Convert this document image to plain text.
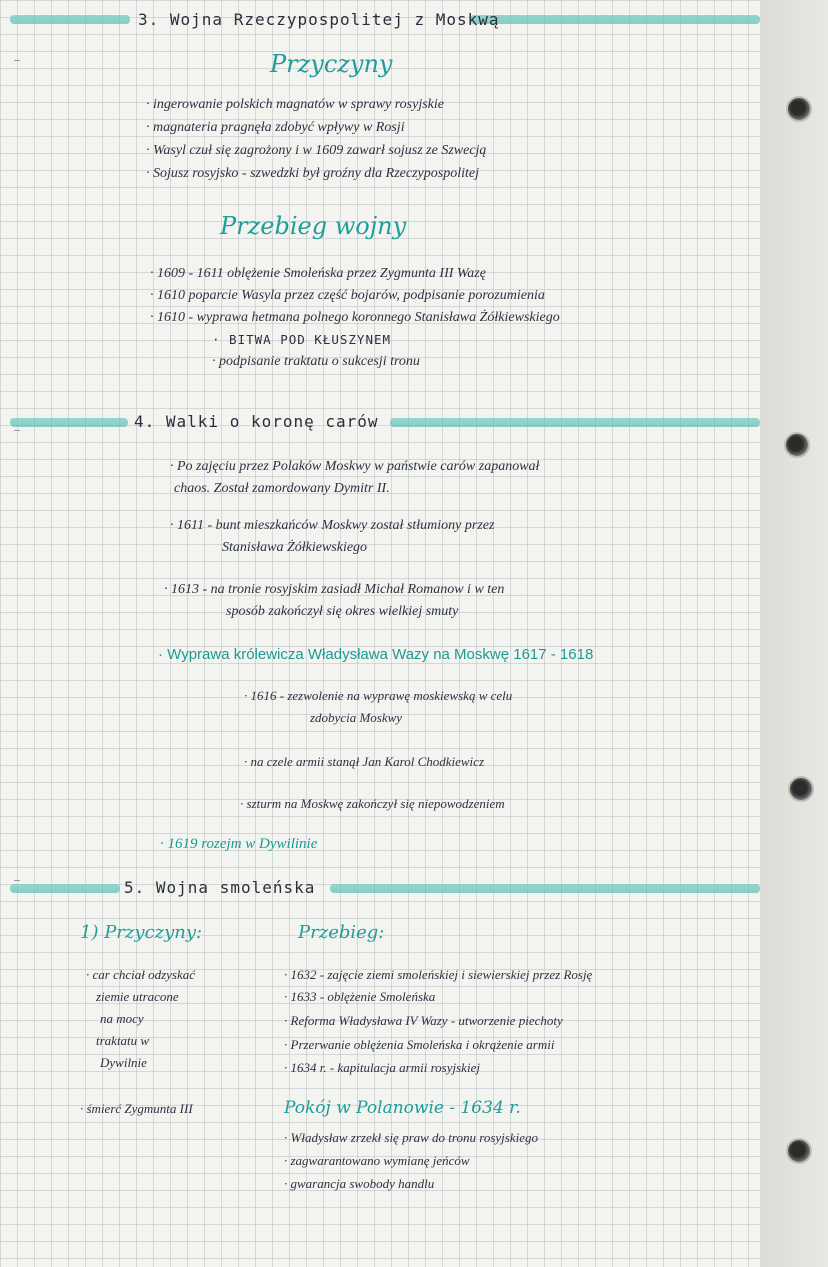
3. Wojna Rzeczypospolitej z Moskwą
Przyczyny
· ingerowanie polskich magnatów w sprawy rosyjskie
· magnateria pragnęła zdobyć wpływy w Rosji
· Wasyl czuł się zagrożony i w 1609 zawarł sojusz ze Szwecją
· Sojusz rosyjsko - szwedzki był groźny dla Rzeczypospolitej
Przebieg wojny
· 1609 - 1611 oblężenie Smoleńska przez Zygmunta III Wazę
· 1610 poparcie Wasyla przez część bojarów, podpisanie porozumienia
· 1610 - wyprawa hetmana polnego koronnego Stanisława Żółkiewskiego
· BITWA POD KŁUSZYNEM
· podpisanie traktatu o sukcesji tronu
4. Walki o koronę carów
· Po zajęciu przez Polaków Moskwy w państwie carów zapanował
chaos. Został zamordowany Dymitr II.
· 1611 - bunt mieszkańców Moskwy został stłumiony przez
Stanisława Żółkiewskiego
· 1613 - na tronie rosyjskim zasiadł Michał Romanow i w ten
sposób zakończył się okres wielkiej smuty
· Wyprawa królewicza Władysława Wazy na Moskwę 1617 - 1618
· 1616 - zezwolenie na wyprawę moskiewską w celu
zdobycia Moskwy
· na czele armii stanął Jan Karol Chodkiewicz
· szturm na Moskwę zakończył się niepowodzeniem
· 1619 rozejm w Dywilinie
5. Wojna smoleńska
1) Przyczyny:	Przebieg:
· car chciał odzyskać
ziemie utracone
na mocy
traktatu w
Dywilnie
· śmierć Zygmunta III
· 1632 - zajęcie ziemi smoleńskiej i siewierskiej przez Rosję
· 1633 - oblężenie Smoleńska
· Reforma Władysława IV Wazy - utworzenie piechoty
· Przerwanie oblężenia Smoleńska i okrążenie armii
· 1634 r. - kapitulacja armii rosyjskiej
Pokój w Polanowie - 1634 r.
· Władysław zrzekł się praw do tronu rosyjskiego
· zagwarantowano wymianę jeńców
· gwarancja swobody handlu
